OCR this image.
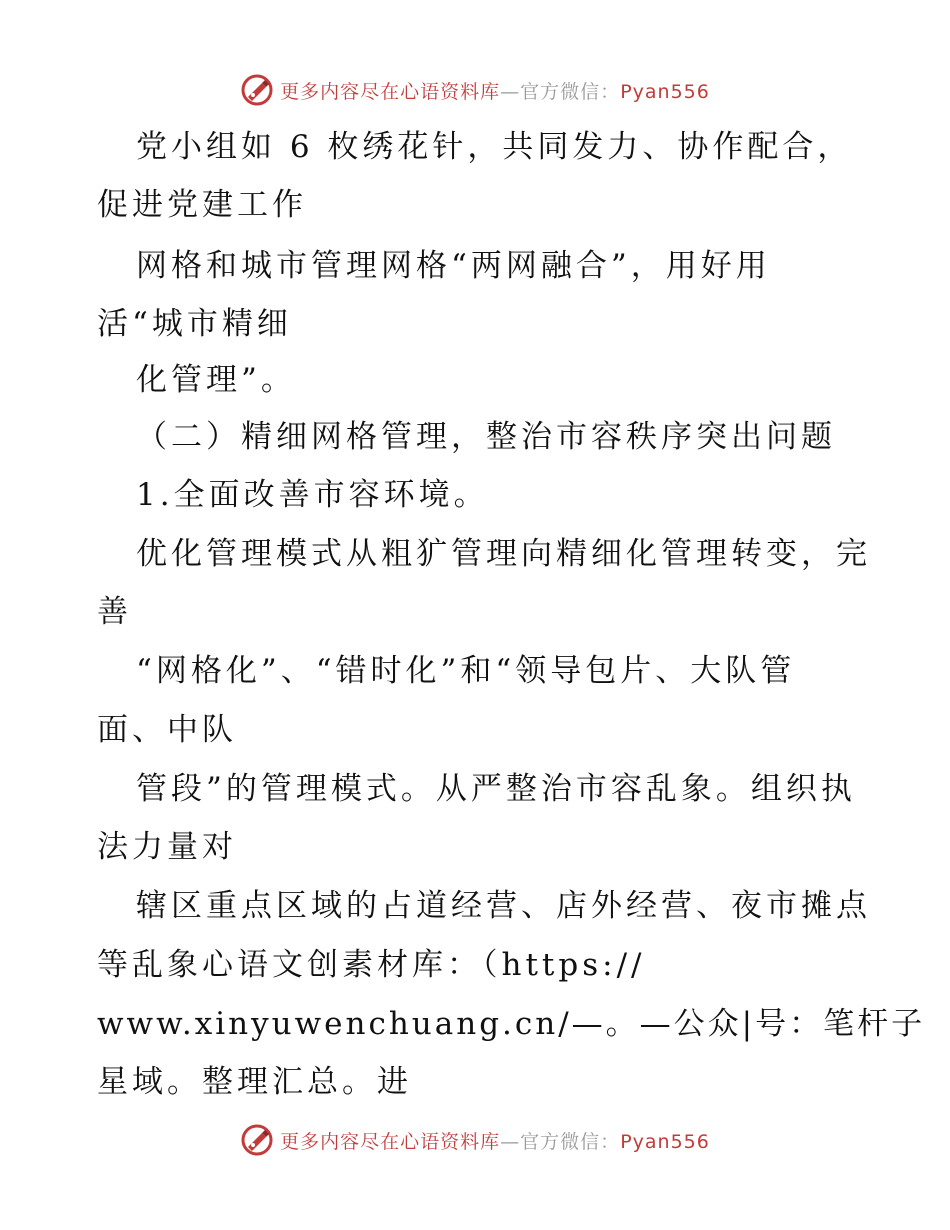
更多内容尽在心语资料库—官方微信：Pyan556
党小组如 6 枚绣花针，共同发力、协作配合，
促进党建工作
网格和城市管理网格“两网融合”，用好用
活“城市精细
化管理”。
（二）精细网格管理，整治市容秩序突出问题
1.全面改善市容环境。
优化管理模式从粗犷管理向精细化管理转变，完
善
“网格化”、“错时化”和“领导包片、大队管
面、中队
管段”的管理模式。从严整治市容乱象。组织执
法力量对
辖区重点区域的占道经营、店外经营、夜市摊点
等乱象心语文创素材库：（https://
www.xinyuwenchuang.cn/—。—公众|号：笔杆子
星域。整理汇总。进
更多内容尽在心语资料库—官方微信：Pyan556
